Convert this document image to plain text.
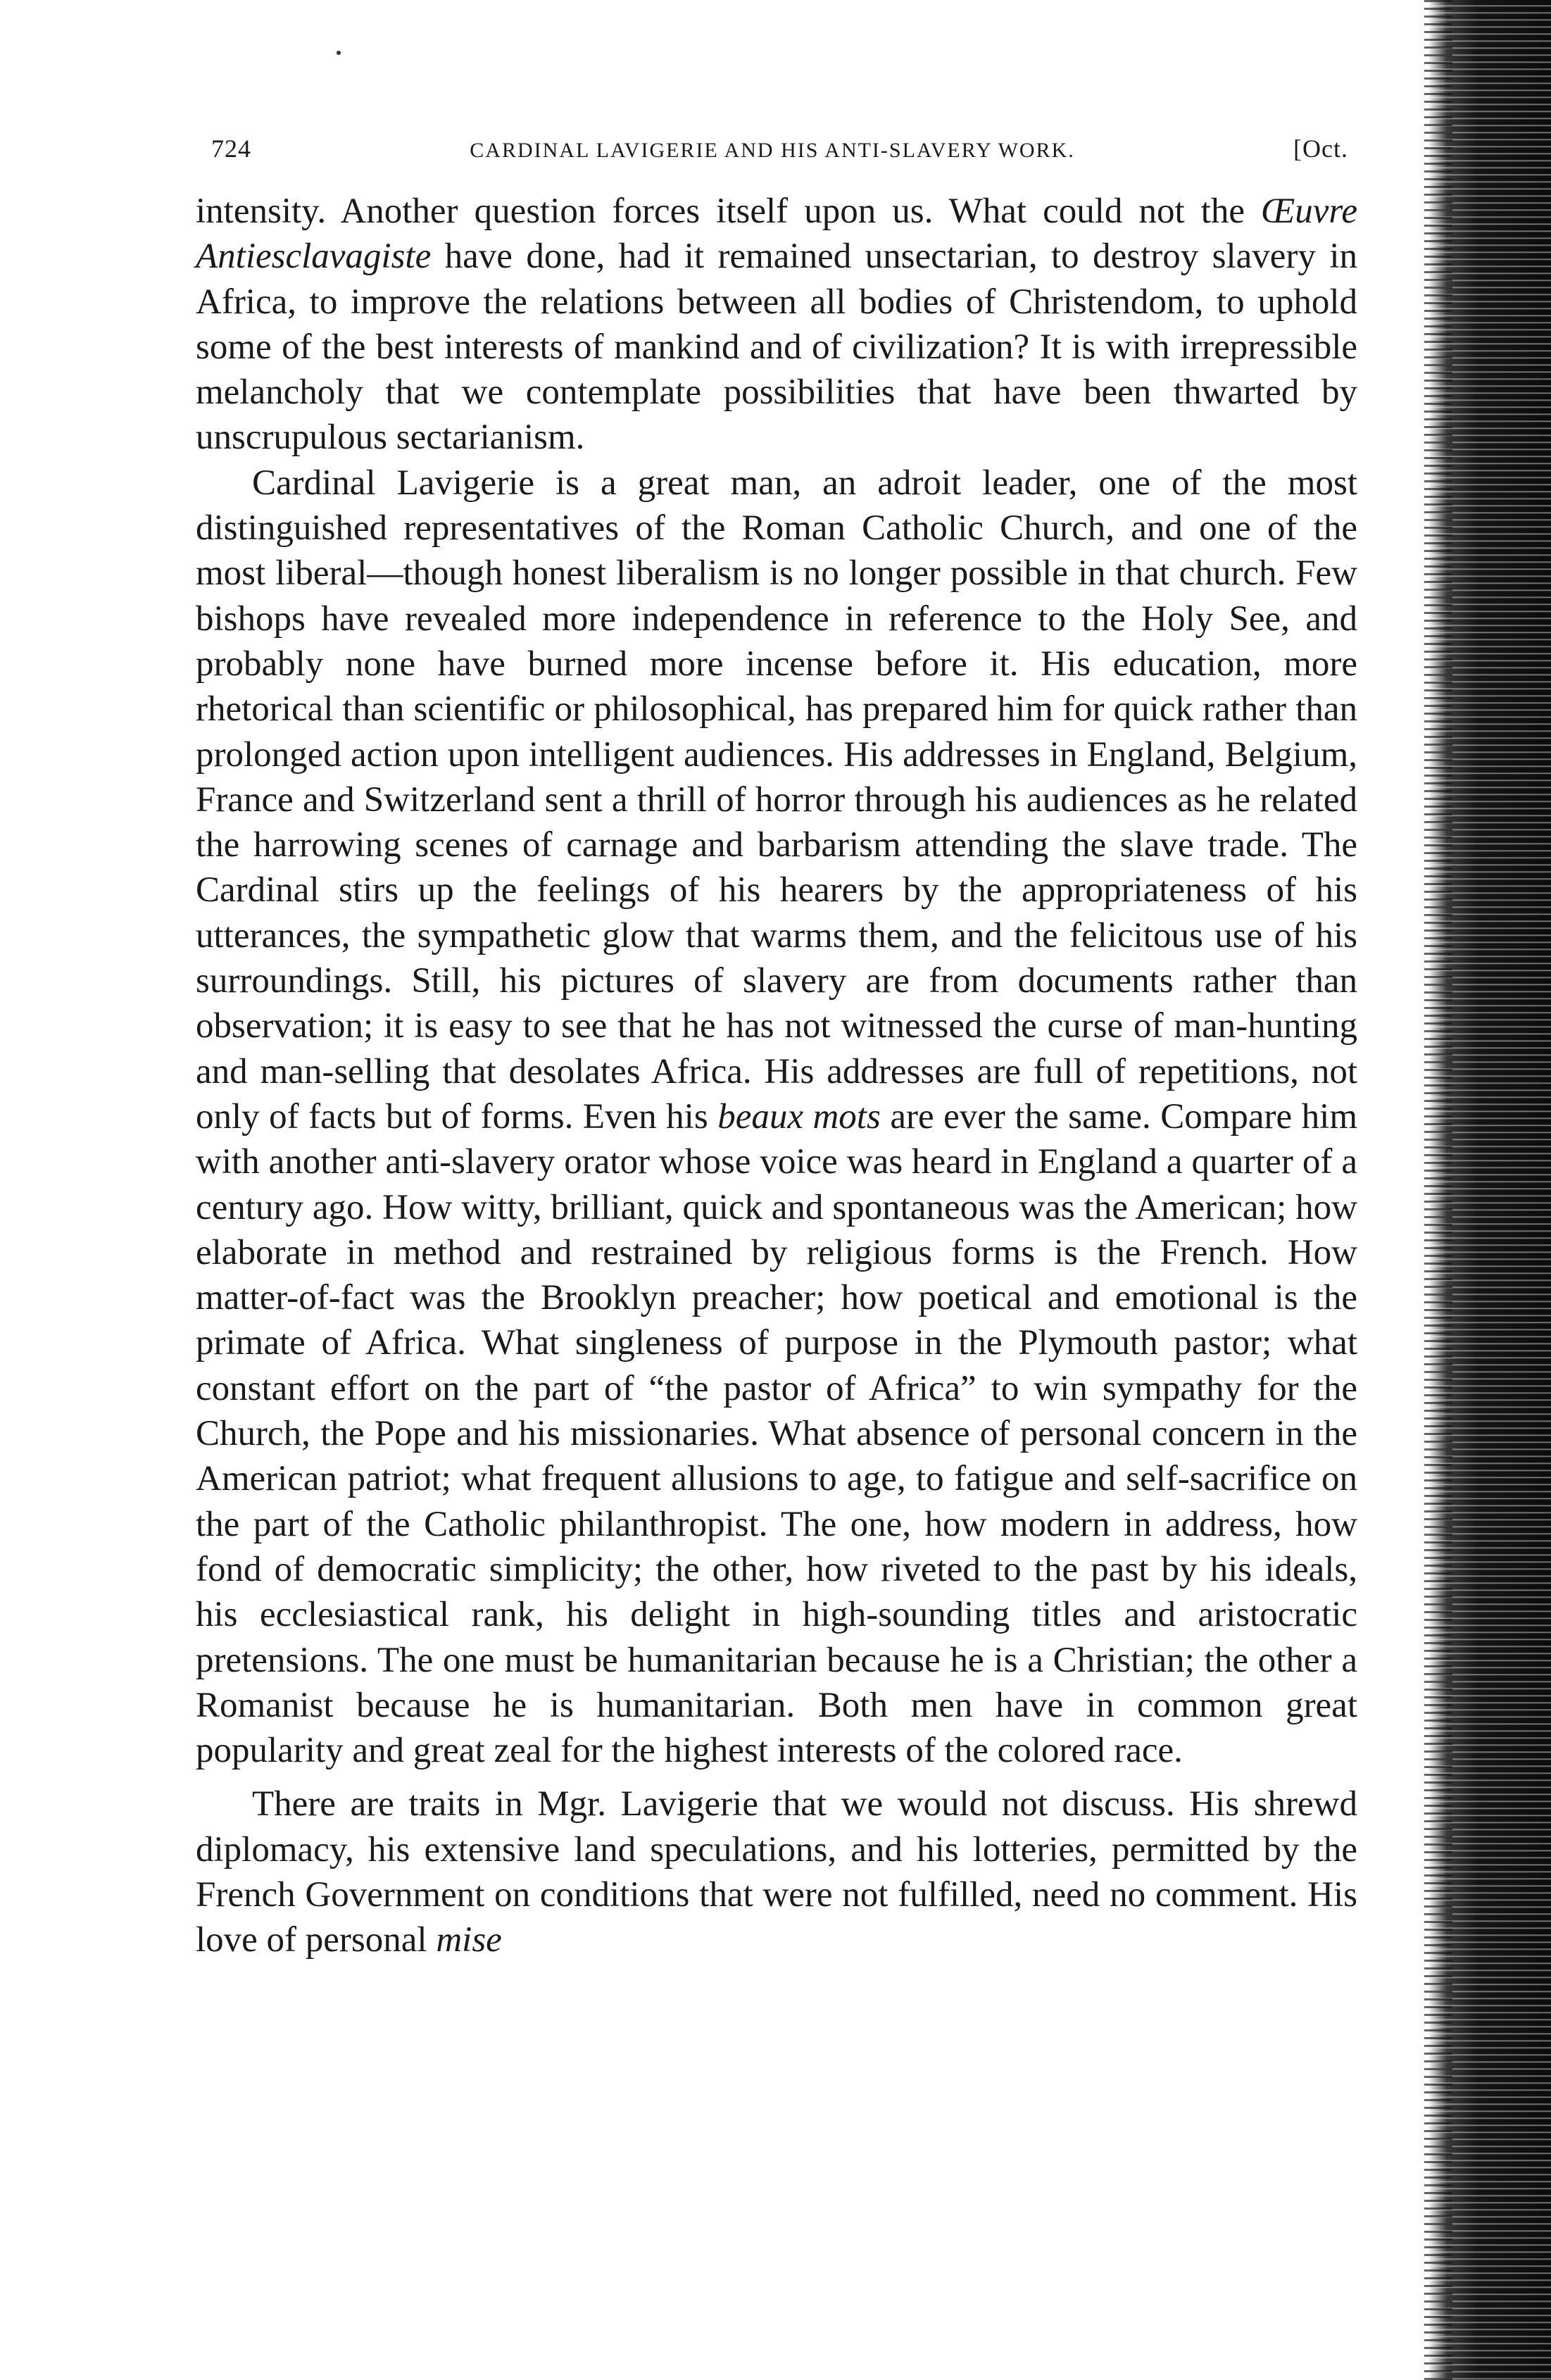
724	CARDINAL LAVIGERIE AND HIS ANTI-SLAVERY WORK.	[Oct.

intensity. Another question forces itself upon us. What could not the Œuvre Antiesclavagiste have done, had it remained unsectarian, to destroy slavery in Africa, to improve the relations between all bodies of Christendom, to uphold some of the best interests of mankind and of civilization? It is with irrepressible melancholy that we contemplate possibilities that have been thwarted by unscrupulous sectarianism.

Cardinal Lavigerie is a great man, an adroit leader, one of the most distinguished representatives of the Roman Catholic Church, and one of the most liberal—though honest liberalism is no longer possible in that church. Few bishops have revealed more independence in reference to the Holy See, and probably none have burned more incense before it. His education, more rhetorical than scientific or philosophical, has prepared him for quick rather than prolonged action upon intelligent audiences. His addresses in England, Belgium, France and Switzerland sent a thrill of horror through his audiences as he related the harrowing scenes of carnage and barbarism attending the slave trade. The Cardinal stirs up the feelings of his hearers by the appropriateness of his utterances, the sympathetic glow that warms them, and the felicitous use of his surroundings. Still, his pictures of slavery are from documents rather than observation; it is easy to see that he has not witnessed the curse of man-hunting and man-selling that desolates Africa. His addresses are full of repetitions, not only of facts but of forms. Even his beaux mots are ever the same. Compare him with another anti-slavery orator whose voice was heard in England a quarter of a century ago. How witty, brilliant, quick and spontaneous was the American; how elaborate in method and restrained by religious forms is the French. How matter-of-fact was the Brooklyn preacher; how poetical and emotional is the primate of Africa. What singleness of purpose in the Plymouth pastor; what constant effort on the part of “the pastor of Africa” to win sympathy for the Church, the Pope and his missionaries. What absence of personal concern in the American patriot; what frequent allusions to age, to fatigue and self-sacrifice on the part of the Catholic philanthropist. The one, how modern in address, how fond of democratic simplicity; the other, how riveted to the past by his ideals, his ecclesiastical rank, his delight in high-sounding titles and aristocratic pretensions. The one must be humanitarian because he is a Christian; the other a Romanist because he is humanitarian. Both men have in common great popularity and great zeal for the highest interests of the colored race.

There are traits in Mgr. Lavigerie that we would not discuss. His shrewd diplomacy, his extensive land speculations, and his lotteries, permitted by the French Government on conditions that were not fulfilled, need no comment. His love of personal mise
